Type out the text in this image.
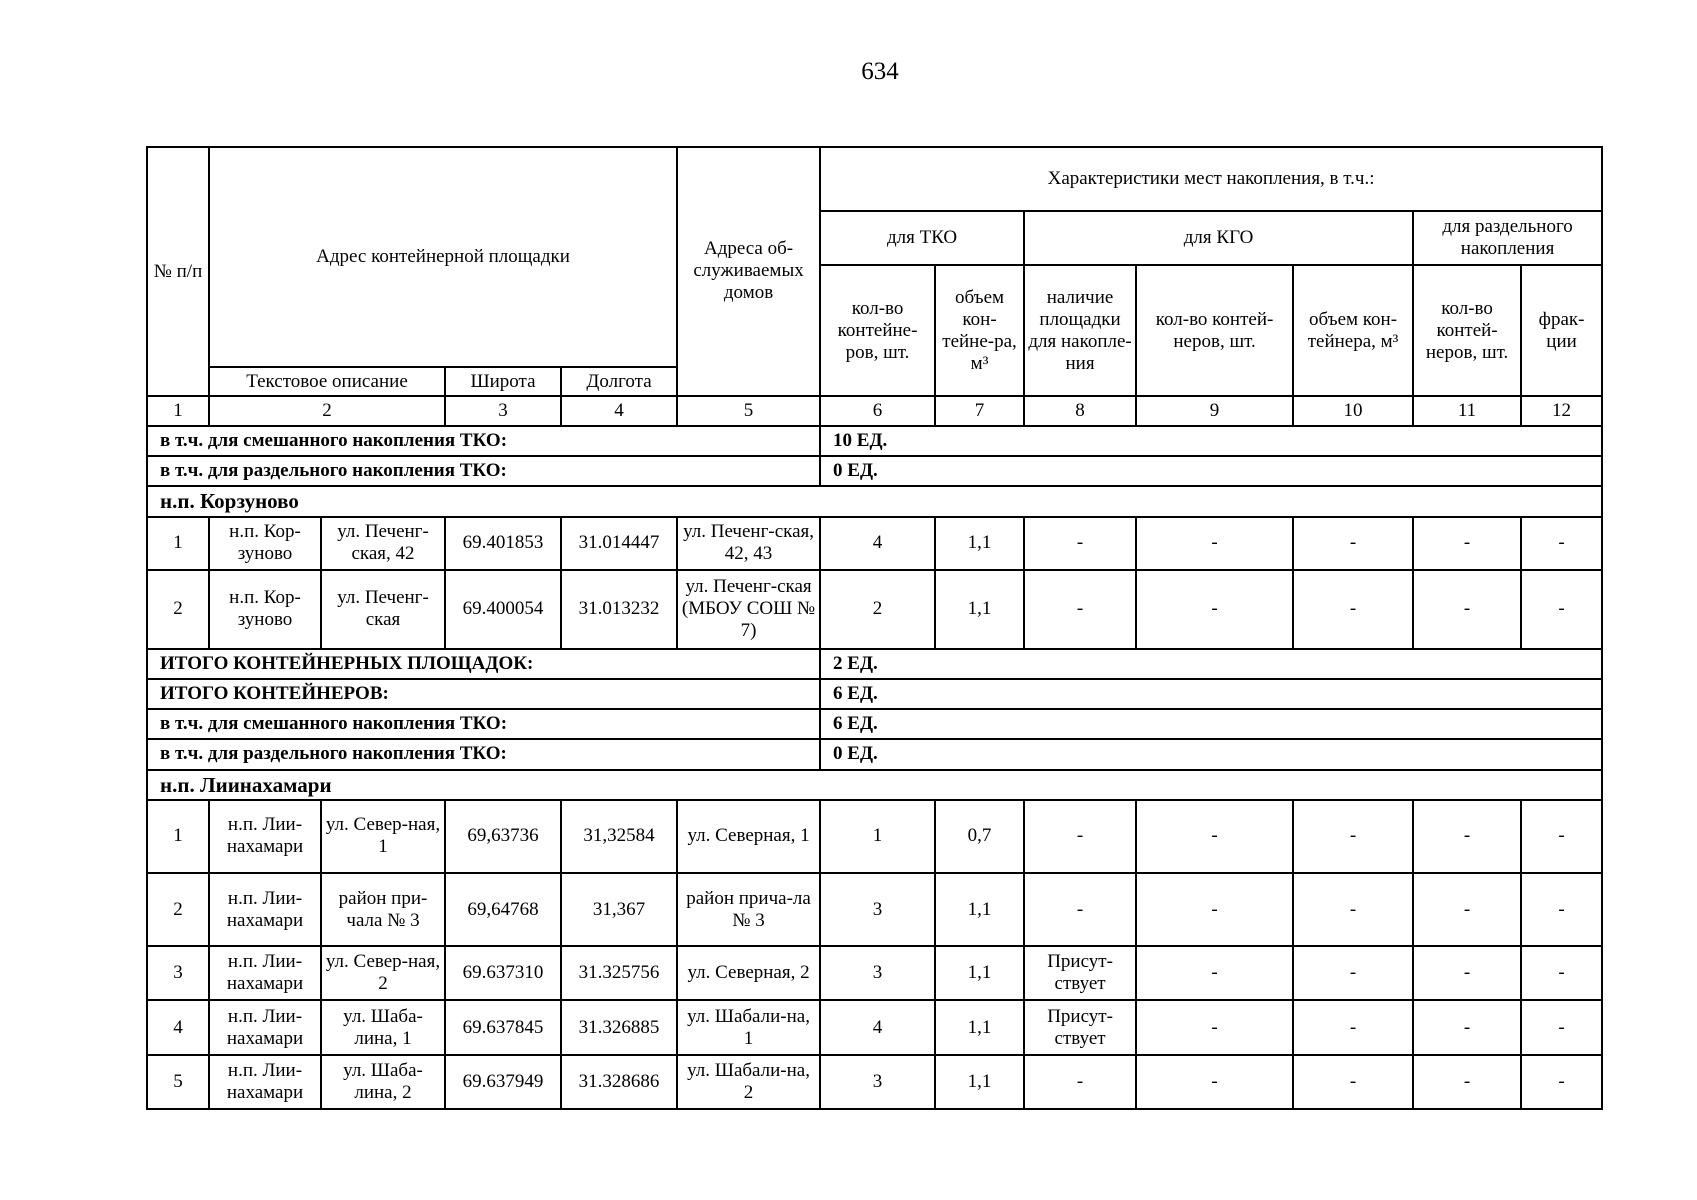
634
№ п/п	Адрес контейнерной площадки				Адреса об-служиваемых домов	Характеристики мест накопления, в т.ч.:						
						для ТКО		для КГО			для раздельного накопления	
						кол-во контейне-ров, шт.	объем кон-тейне-ра, м³	наличие площадки для накопле-ния	кол-во контей-неров, шт.	объем кон-тейнера, м³	кол-во контей-неров, шт.	фрак-ции
	Текстовое описание		Широта	Долгота								
1	2		3	4	5	6	7	8	9	10	11	12
в т.ч. для смешанного накопления ТКО:						10 ЕД.						
в т.ч. для раздельного накопления ТКО:						0 ЕД.						
н.п. Корзуново												
1	н.п. Кор-зуново	ул. Печенг-ская, 42	69.401853	31.014447	ул. Печенг-ская, 42, 43	4	1,1	-	-	-	-	-
2	н.п. Кор-зуново	ул. Печенг-ская	69.400054	31.013232	ул. Печенг-ская (МБОУ СОШ № 7)	2	1,1	-	-	-	-	-
ИТОГО КОНТЕЙНЕРНЫХ ПЛОЩАДОК:						2 ЕД.						
ИТОГО КОНТЕЙНЕРОВ:						6 ЕД.						
в т.ч. для смешанного накопления ТКО:						6 ЕД.						
в т.ч. для раздельного накопления ТКО:						0 ЕД.						
н.п. Лиинахамари												
1	н.п. Лии-нахамари	ул. Север-ная, 1	69,63736	31,32584	ул. Северная, 1	1	0,7	-	-	-	-	-
2	н.п. Лии-нахамари	район при-чала № 3	69,64768	31,367	район прича-ла № 3	3	1,1	-	-	-	-	-
3	н.п. Лии-нахамари	ул. Север-ная, 2	69.637310	31.325756	ул. Северная, 2	3	1,1	Присут-ствует	-	-	-	-
4	н.п. Лии-нахамари	ул. Шаба-лина, 1	69.637845	31.326885	ул. Шабали-на, 1	4	1,1	Присут-ствует	-	-	-	-
5	н.п. Лии-нахамари	ул. Шаба-лина, 2	69.637949	31.328686	ул. Шабали-на, 2	3	1,1	-	-	-	-	-
